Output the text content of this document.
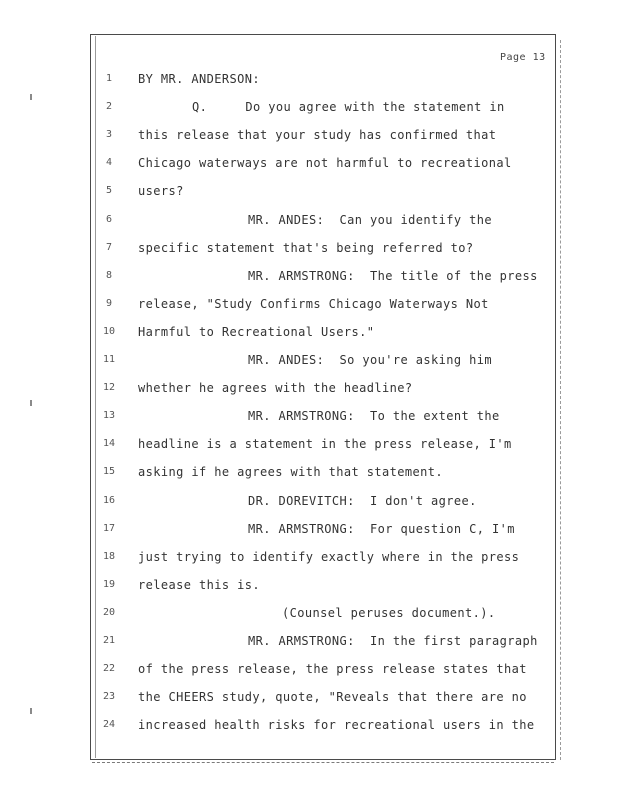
Page 13
1	BY MR. ANDERSON:
2	Q.     Do you agree with the statement in
3	this release that your study has confirmed that
4	Chicago waterways are not harmful to recreational
5	users?
6	MR. ANDES:  Can you identify the
7	specific statement that's being referred to?
8	MR. ARMSTRONG:  The title of the press
9	release, "Study Confirms Chicago Waterways Not
10 Harmful to Recreational Users."
11	MR. ANDES:  So you're asking him
12 whether he agrees with the headline?
13	MR. ARMSTRONG:  To the extent the
14 headline is a statement in the press release, I'm
15 asking if he agrees with that statement.
16	DR. DOREVITCH:  I don't agree.
17	MR. ARMSTRONG:  For question C, I'm
18 just trying to identify exactly where in the press
19 release this is.
20	(Counsel peruses document.).
21	MR. ARMSTRONG:  In the first paragraph
22 of the press release, the press release states that
23 the CHEERS study, quote, "Reveals that there are no
24 increased health risks for recreational users in the
